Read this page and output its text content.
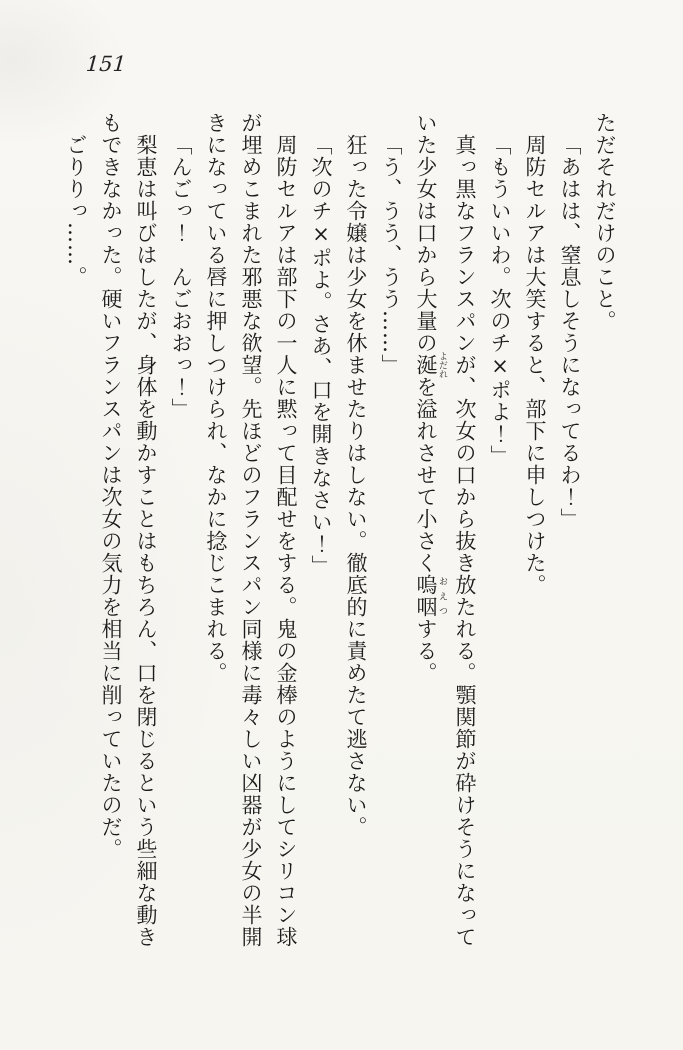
151
ただそれだけのこと。
「あはは、窒息しそうになってるわ！」
周防セルアは大笑すると、部下に申しつけた。
「もういいわ。次のチ×ポよ！」
真っ黒なフランスパンが、次女の口から抜き放たれる。顎関節が砕けそうになって
いた少女は口から大量の涎 よだれを溢れさせて小さく嗚咽 おえつする。
「う、うう、うう……」
狂った令嬢は少女を休ませたりはしない。徹底的に責めたて逃さない。
「次のチ×ポよ。さあ、口を開きなさい！」
周防セルアは部下の一人に黙って目配せをする。鬼の金棒のようにしてシリコン球
が埋めこまれた邪悪な欲望。先ほどのフランスパン同様に毒々しい凶器が少女の半開
きになっている唇に押しつけられ、なかに捻じこまれる。
「んごっ！　んごおおっ！」
梨恵は叫びはしたが、身体を動かすことはもちろん、口を閉じるという些細な動き
もできなかった。硬いフランスパンは次女の気力を相当に削っていたのだ。
ごりりっ……。
